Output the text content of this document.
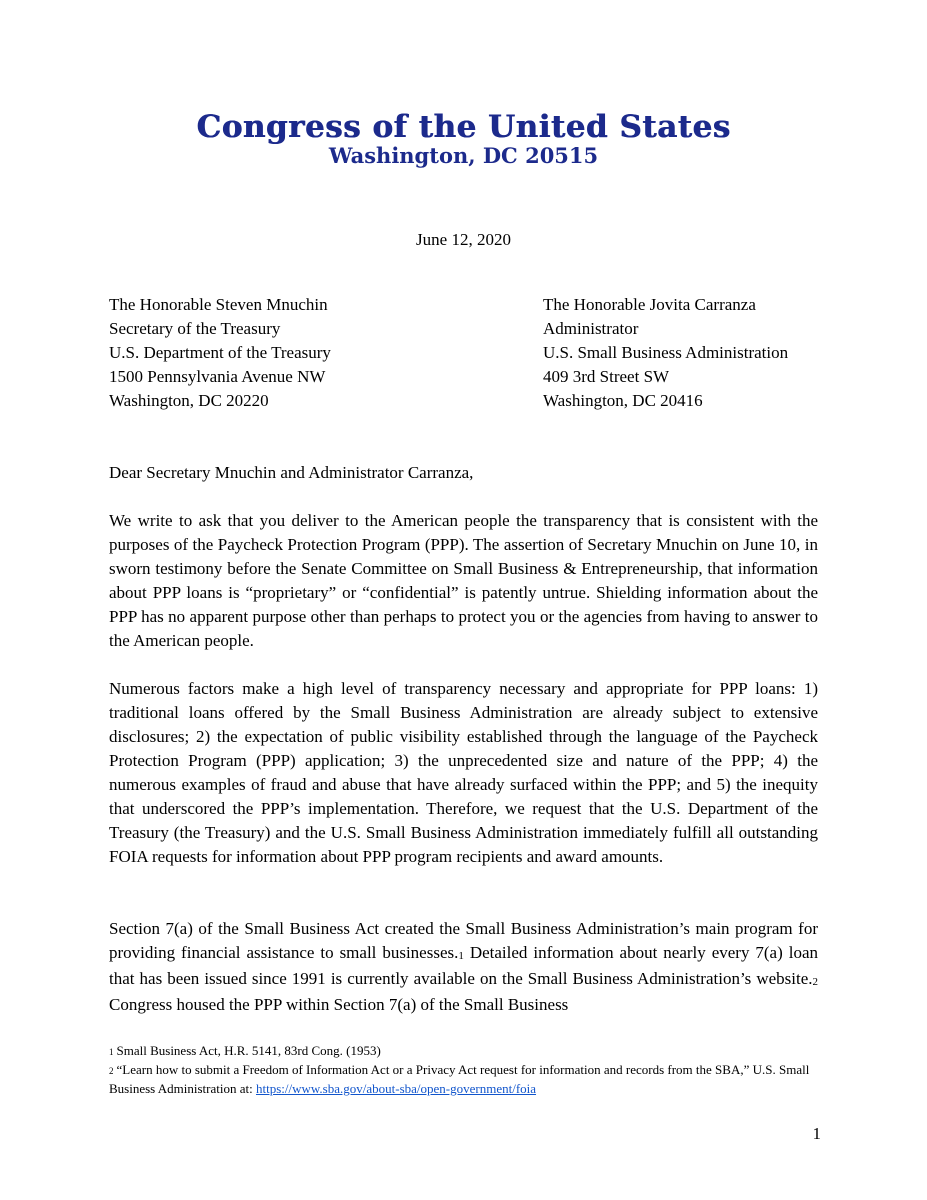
Congress of the United States
Washington, DC 20515
June 12, 2020
The Honorable Steven Mnuchin
Secretary of the Treasury
U.S. Department of the Treasury
1500 Pennsylvania Avenue NW
Washington, DC 20220
The Honorable Jovita Carranza
Administrator
U.S. Small Business Administration
409 3rd Street SW
Washington, DC 20416
Dear Secretary Mnuchin and Administrator Carranza,

We write to ask that you deliver to the American people the transparency that is consistent with the purposes of the Paycheck Protection Program (PPP). The assertion of Secretary Mnuchin on June 10, in sworn testimony before the Senate Committee on Small Business & Entrepreneurship, that information about PPP loans is “proprietary” or “confidential” is patently untrue. Shielding information about the PPP has no apparent purpose other than perhaps to protect you or the agencies from having to answer to the American people.

Numerous factors make a high level of transparency necessary and appropriate for PPP loans: 1) traditional loans offered by the Small Business Administration are already subject to extensive disclosures; 2) the expectation of public visibility established through the language of the Paycheck Protection Program (PPP) application; 3) the unprecedented size and nature of the PPP; 4) the numerous examples of fraud and abuse that have already surfaced within the PPP; and 5) the inequity that underscored the PPP’s implementation. Therefore, we request that the U.S. Department of the Treasury (the Treasury) and the U.S. Small Business Administration immediately fulfill all outstanding FOIA requests for information about PPP program recipients and award amounts.

Section 7(a) of the Small Business Act created the Small Business Administration’s main program for providing financial assistance to small businesses.$^1$ Detailed information about nearly every 7(a) loan that has been issued since 1991 is currently available on the Small Business Administration’s website.$^2$ Congress housed the PPP within Section 7(a) of the Small Business

1 Small Business Act, H.R. 5141, 83rd Cong. (1953)

2 “Learn how to submit a Freedom of Information Act or a Privacy Act request for information and records from the SBA,” U.S. Small Business Administration at: https://www.sba.gov/about-sba/open-government/foia

1
